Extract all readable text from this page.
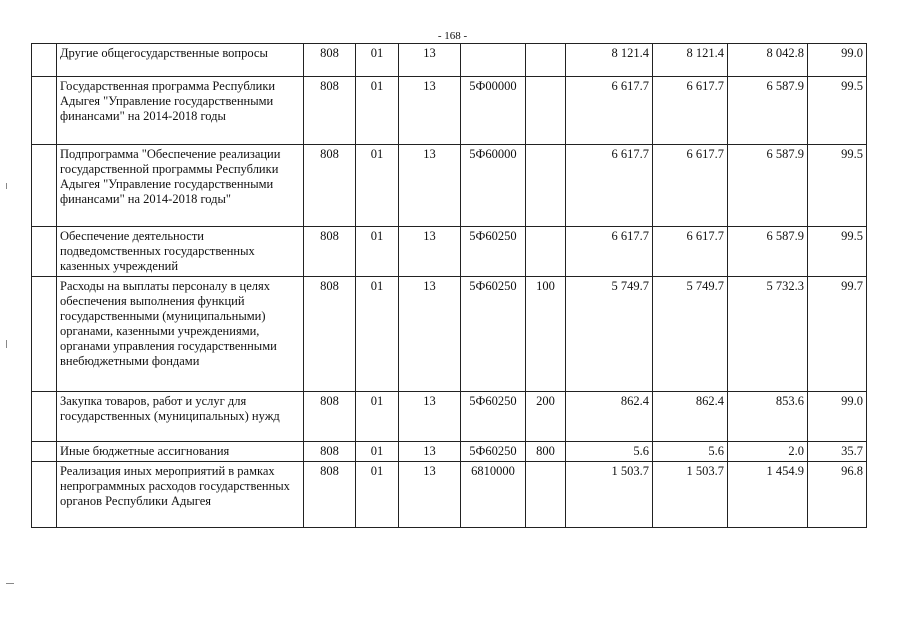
- 168 -
	Другие общегосударственные вопросы	808	01	13			8 121.4	8 121.4	8 042.8	99.0
	Государственная программа Республики Адыгея "Управление государственными финансами" на 2014-2018 годы	808	01	13	5Ф00000		6 617.7	6 617.7	6 587.9	99.5
	Подпрограмма "Обеспечение реализации государственной программы Республики Адыгея "Управление государственными финансами" на 2014-2018 годы"	808	01	13	5Ф60000		6 617.7	6 617.7	6 587.9	99.5
	Обеспечение деятельности подведомственных государственных казенных учреждений	808	01	13	5Ф60250		6 617.7	6 617.7	6 587.9	99.5
	Расходы на выплаты персоналу в целях обеспечения выполнения функций государственными (муниципальными) органами, казенными учреждениями, органами управления государственными внебюджетными фондами	808	01	13	5Ф60250	100	5 749.7	5 749.7	5 732.3	99.7
	Закупка товаров, работ и услуг для государственных (муниципальных) нужд	808	01	13	5Ф60250	200	862.4	862.4	853.6	99.0
	Иные бюджетные ассигнования	808	01	13	5Ф60250	800	5.6	5.6	2.0	35.7
	Реализация иных мероприятий в рамках непрограммных расходов государственных органов Республики Адыгея	808	01	13	6810000		1 503.7	1 503.7	1 454.9	96.8
